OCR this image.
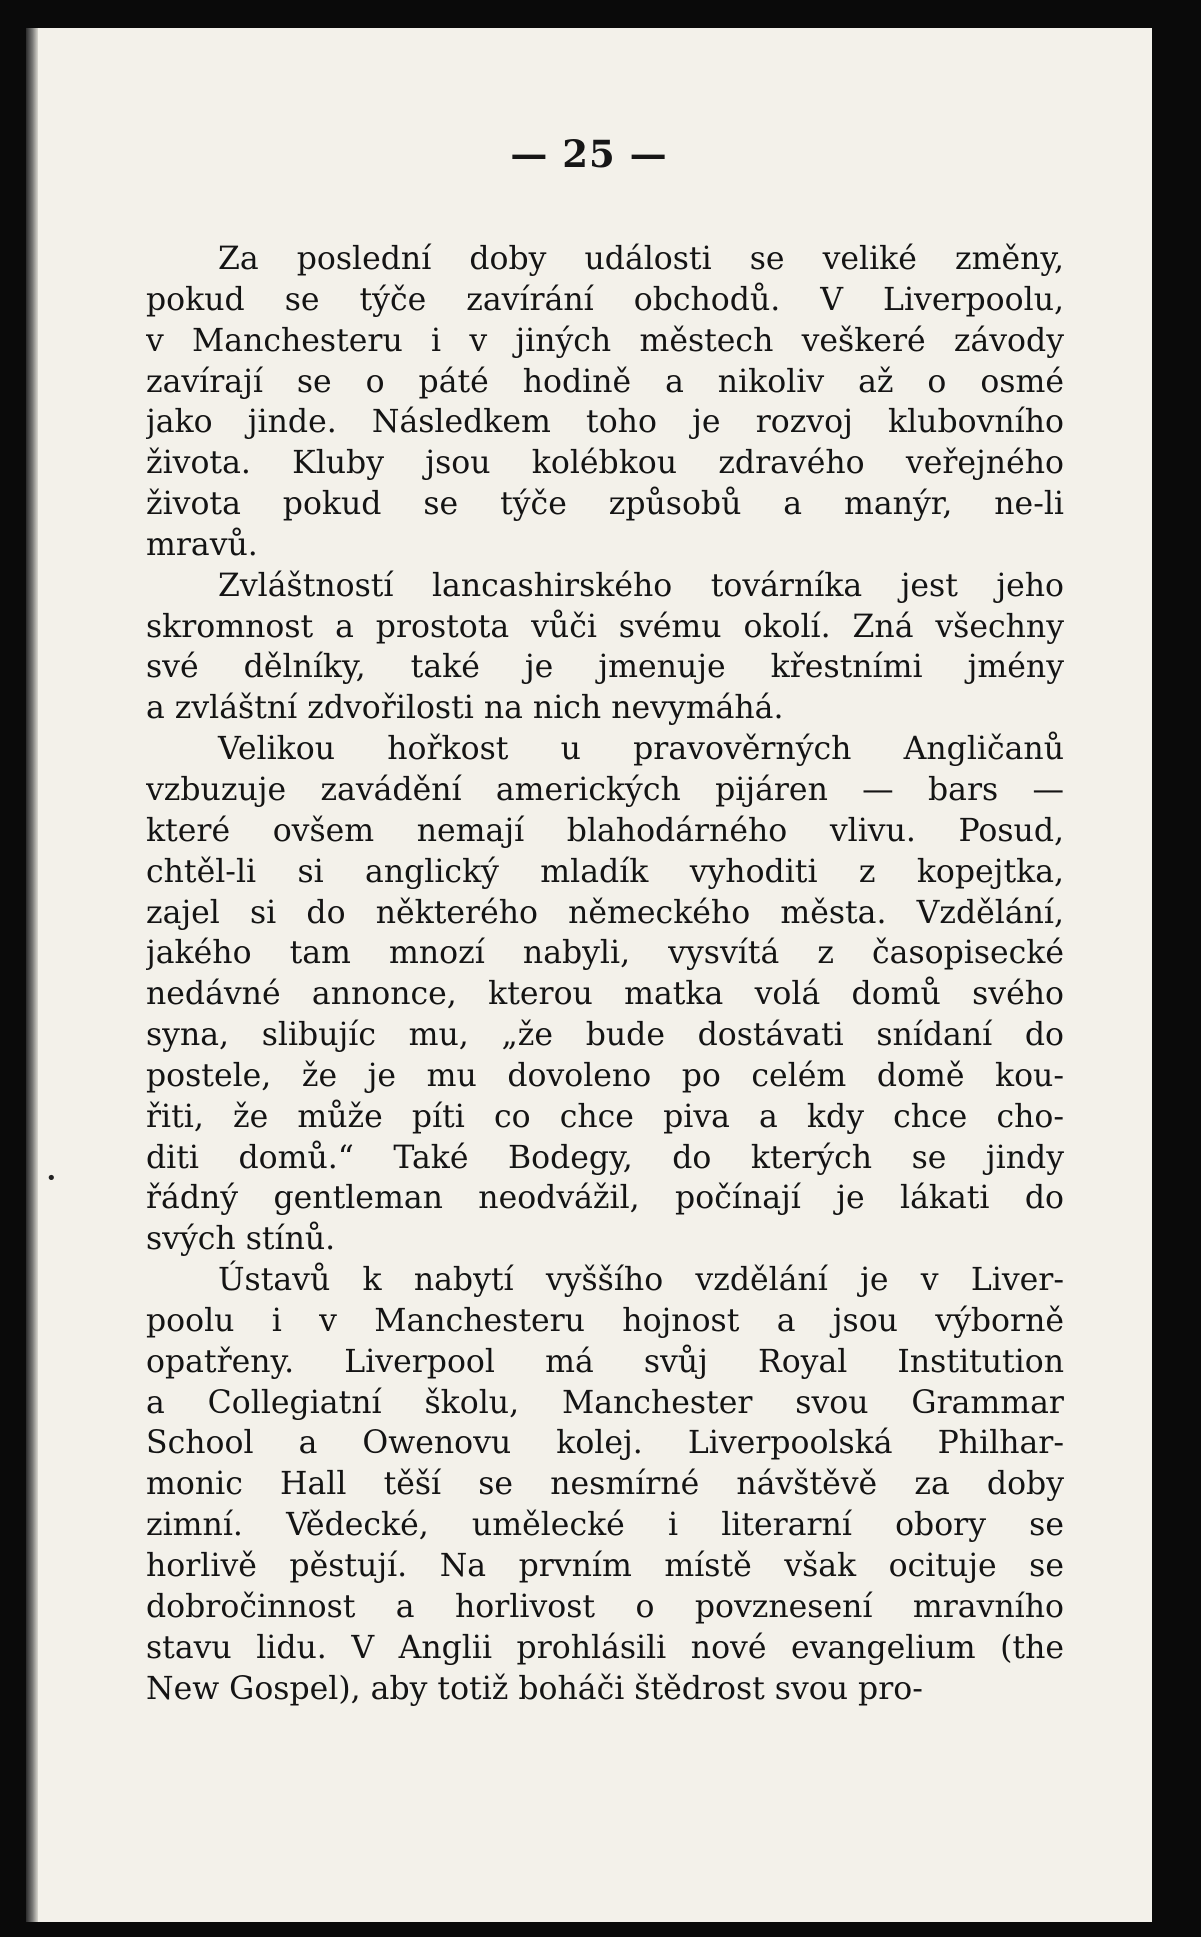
— 25 —
Za poslední doby události se veliké změny,
pokud se týče zavírání obchodů. V Liverpoolu,
v Manchesteru i v jiných městech veškeré závody
zavírají se o páté hodině a nikoliv až o osmé
jako jinde. Následkem toho je rozvoj klubovního
života. Kluby jsou kolébkou zdravého veřejného
života pokud se týče způsobů a manýr, ne-li
mravů.
Zvláštností lancashirského továrníka jest jeho
skromnost a prostota vůči svému okolí. Zná všechny
své dělníky, také je jmenuje křestními jmény
a zvláštní zdvořilosti na nich nevymáhá.
Velikou hořkost u pravověrných Angličanů
vzbuzuje zavádění amerických pijáren — bars —
které ovšem nemají blahodárného vlivu. Posud,
chtěl-li si anglický mladík vyhoditi z kopejtka,
zajel si do některého německého města. Vzdělání,
jakého tam mnozí nabyli, vysvítá z časopisecké
nedávné annonce, kterou matka volá domů svého
syna, slibujíc mu, „že bude dostávati snídaní do
postele, že je mu dovoleno po celém domě kou-
řiti, že může píti co chce piva a kdy chce cho-
diti domů.“ Také Bodegy, do kterých se jindy
řádný gentleman neodvážil, počínají je lákati do
svých stínů.
Ústavů k nabytí vyššího vzdělání je v Liver-
poolu i v Manchesteru hojnost a jsou výborně
opatřeny. Liverpool má svůj Royal Institution
a Collegiatní školu, Manchester svou Grammar
School a Owenovu kolej. Liverpoolská Philhar-
monic Hall těší se nesmírné návštěvě za doby
zimní. Vědecké, umělecké i literarní obory se
horlivě pěstují. Na prvním místě však ocituje se
dobročinnost a horlivost o povznesení mravního
stavu lidu. V Anglii prohlásili nové evangelium (the
New Gospel), aby totiž boháči štědrost svou pro-
•
